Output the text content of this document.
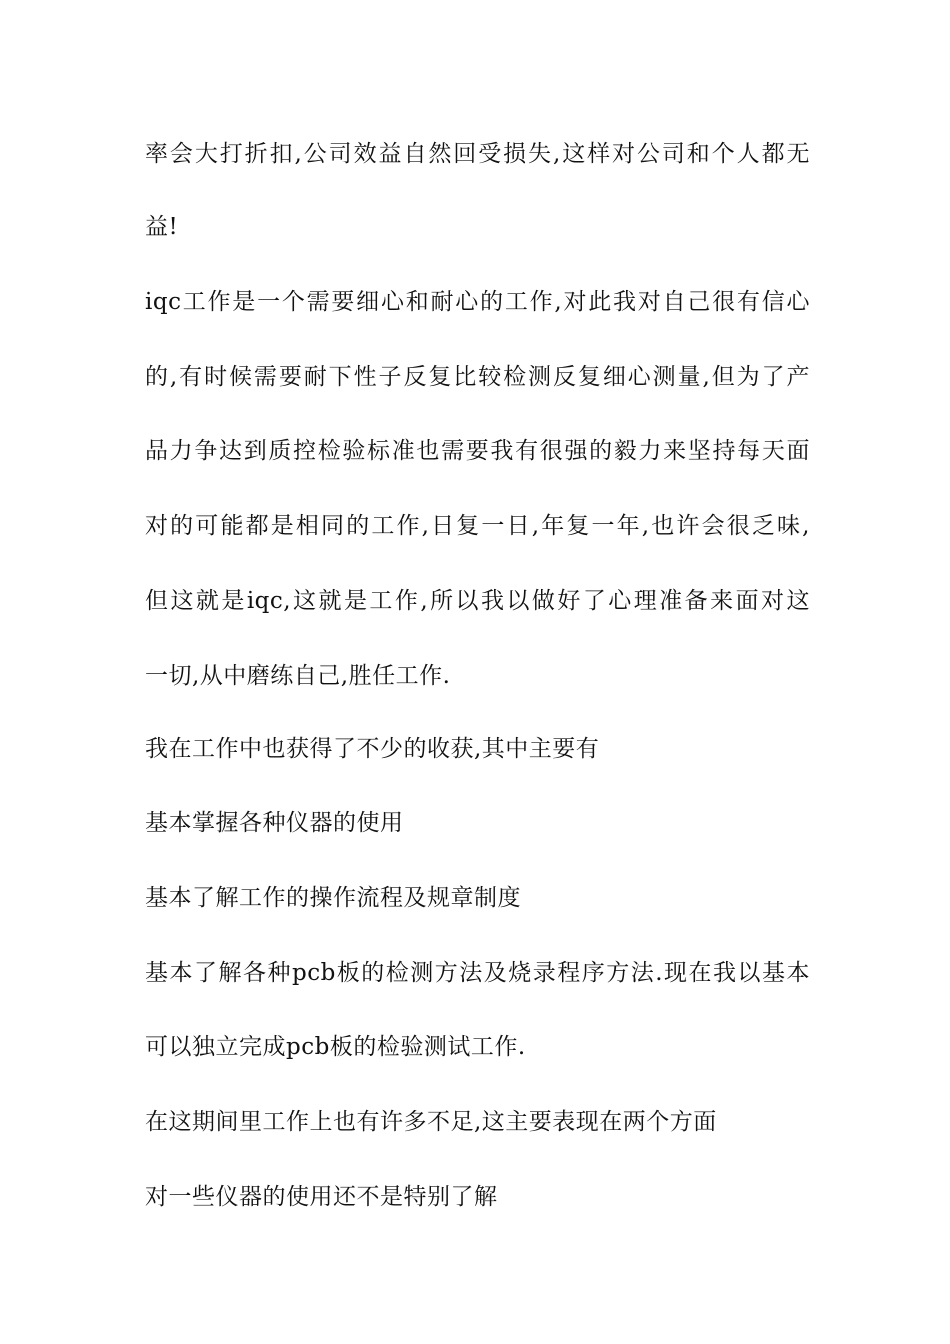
率会大打折扣,公司效益自然回受损失,这样对公司和个人都无

益!

iqc工作是一个需要细心和耐心的工作,对此我对自己很有信心

的,有时候需要耐下性子反复比较检测反复细心测量,但为了产

品力争达到质控检验标准也需要我有很强的毅力来坚持每天面

对的可能都是相同的工作,日复一日,年复一年,也许会很乏味,

但这就是iqc,这就是工作,所以我以做好了心理准备来面对这

一切,从中磨练自己,胜任工作.

我在工作中也获得了不少的收获,其中主要有

基本掌握各种仪器的使用

基本了解工作的操作流程及规章制度

基本了解各种pcb板的检测方法及烧录程序方法.现在我以基本

可以独立完成pcb板的检验测试工作.

在这期间里工作上也有许多不足,这主要表现在两个方面

对一些仪器的使用还不是特别了解
